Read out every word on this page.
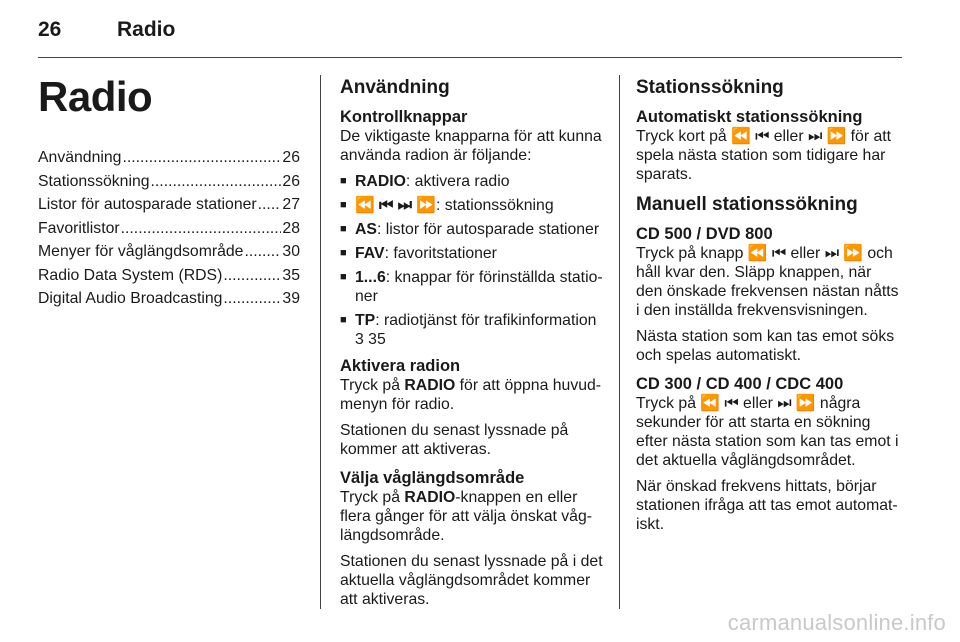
26	Radio
Radio
Användning .....	26
Stationssökning .....	26
Listor för autosparade stationer ..... 27
Favoritlistor .....	28
Menyer för våglängdsområde ..... 30
Radio Data System (RDS) .....	35
Digital Audio Broadcasting .....	39
Användning
Kontrollknappar

De viktigaste knapparna för att kunna använda radion är följande:

■ RADIO: aktivera radio
■ ⏪ ⏮ ⏭ ⏩: stationssökning
■ AS: listor för autosparade stationer
■ FAV: favoritstationer
■ 1...6: knappar för förinställda statio-ner
■ TP: radiotjänst för trafikinformation
3 35
Aktivera radion

Tryck på RADIO för att öppna huvud-menyn för radio.

Stationen du senast lyssnade på kommer att aktiveras.

Välja våglängdsområde

Tryck på RADIO-knappen en eller flera gånger för att välja önskat våg-längdsområde.

Stationen du senast lyssnade på i det aktuella våglängdsområdet kommer att aktiveras.

Stationssökning
Automatiskt stationssökning

Tryck kort på ⏪ ⏮ eller ⏭ ⏩ för att spela nästa station som tidigare har sparats.

Manuell stationssökning
CD 500 / DVD 800

Tryck på knapp ⏪ ⏮ eller ⏭ ⏩ och håll kvar den. Släpp knappen, när den önskade frekvensen nästan nåtts i den inställda frekvensvisningen.

Nästa station som kan tas emot söks och spelas automatiskt.

CD 300 / CD 400 / CDC 400

Tryck på ⏪ ⏮ eller ⏭ ⏩ några sekunder för att starta en sökning efter nästa station som kan tas emot i det aktuella våglängdsområdet.

När önskad frekvens hittats, börjar stationen ifråga att tas emot automat-iskt.

carmanualsonline.info
